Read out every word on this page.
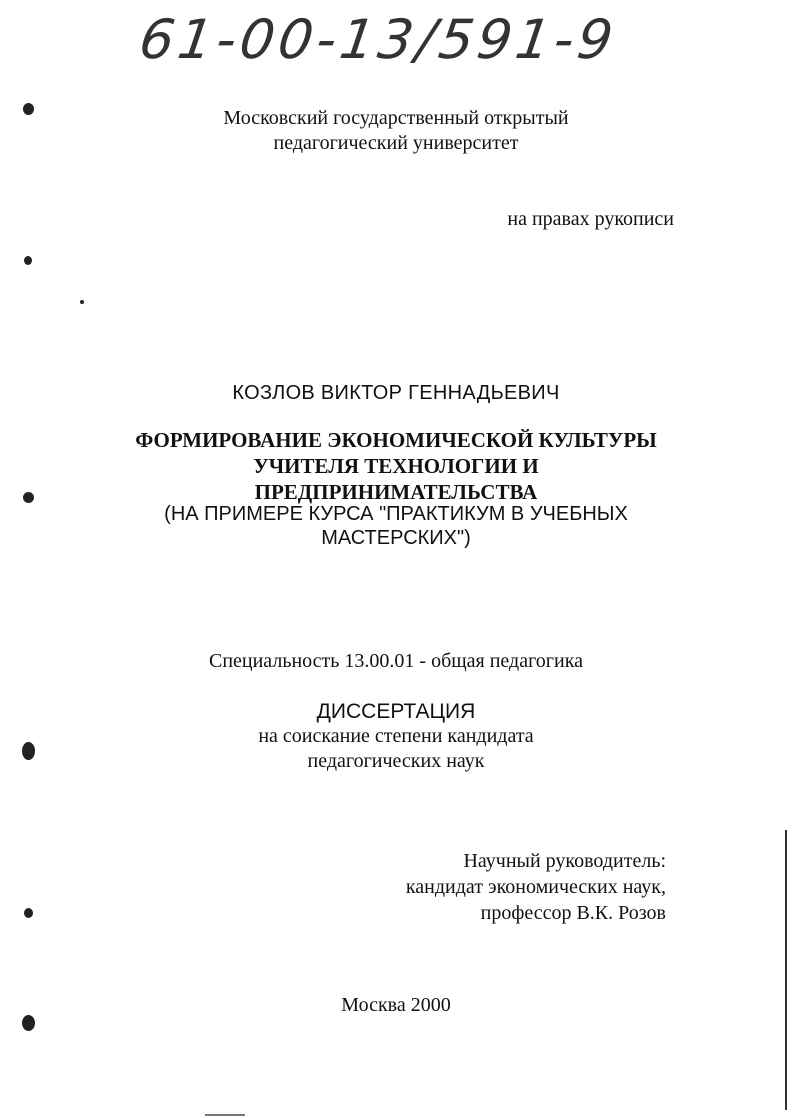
61-00-13/591-9
Московский государственный открытый
педагогический университет
на правах рукописи
КОЗЛОВ ВИКТОР ГЕННАДЬЕВИЧ
ФОРМИРОВАНИЕ ЭКОНОМИЧЕСКОЙ КУЛЬТУРЫ
УЧИТЕЛЯ ТЕХНОЛОГИИ И
ПРЕДПРИНИМАТЕЛЬСТВА
(НА ПРИМЕРЕ КУРСА "ПРАКТИКУМ В УЧЕБНЫХ
МАСТЕРСКИХ")
Специальность 13.00.01 - общая педагогика
ДИССЕРТАЦИЯ
на соискание степени кандидата
педагогических наук
Научный руководитель:
кандидат экономических наук,
профессор В.К. Розов
Москва 2000
